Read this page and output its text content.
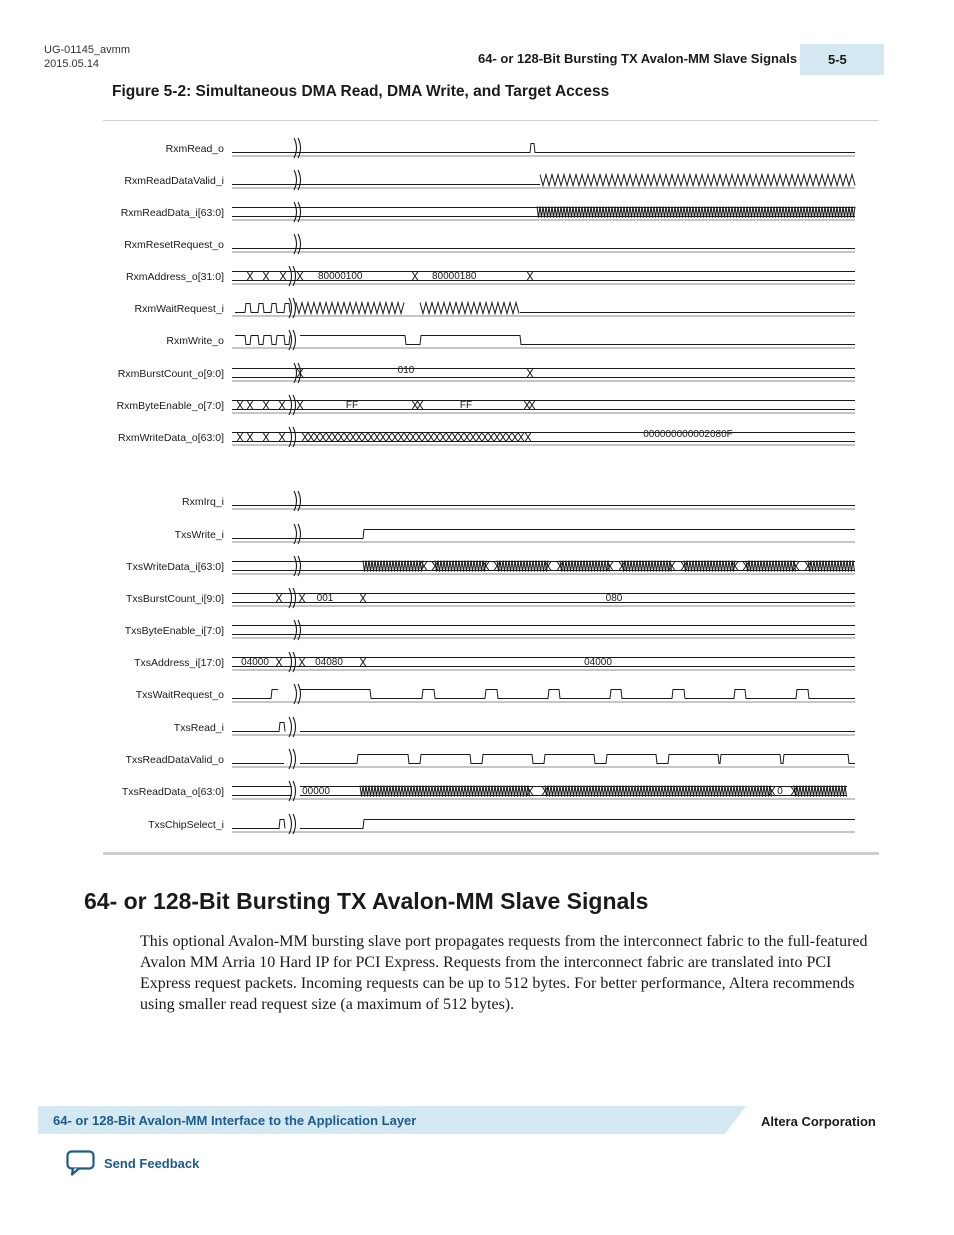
UG-01145_avmm
2015.05.14	64- or 128-Bit Bursting TX Avalon-MM Slave Signals	5-5
Figure 5-2: Simultaneous DMA Read, DMA Write, and Target Access
RxmRead_o
RxmReadDataValid_i
RxmReadData_i[63:0]
RxmResetRequest_o
RxmAddress_o[31:0]
RxmWaitRequest_i
RxmWrite_o
RxmBurstCount_o[9:0]
RxmByteEnable_o[7:0]
RxmWriteData_o[63:0]
RxmIrq_i
TxsWrite_i
TxsWriteData_i[63:0]
TxsBurstCount_i[9:0]
TxsByteEnable_i[7:0]
TxsAddress_i[17:0]
TxsWaitRequest_o
TxsRead_i
TxsReadDataValid_o
TxsReadData_o[63:0]
TxsChipSelect_i
80000100	80000180
010
FF	FF
000000000002080F
001	080
04000	04080	04000
00000	0
64- or 128-Bit Bursting TX Avalon-MM Slave Signals
This optional Avalon-MM bursting slave port propagates requests from the interconnect fabric to the full-featured Avalon MM Arria 10 Hard IP for PCI Express. Requests from the interconnect fabric are translated into PCI Express request packets. Incoming requests can be up to 512 bytes. For better performance, Altera recommends using smaller read request size (a maximum of 512 bytes).
64- or 128-Bit Avalon-MM Interface to the Application Layer	Altera Corporation
Send Feedback
